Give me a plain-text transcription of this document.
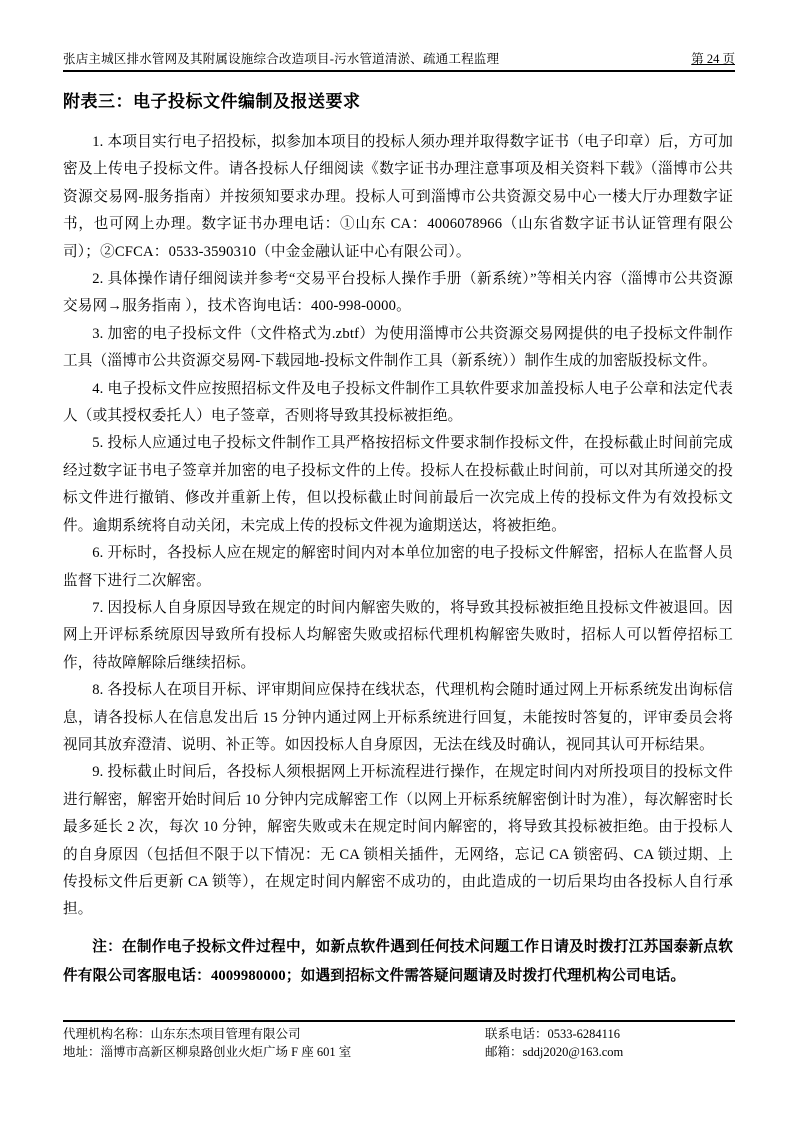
张店主城区排水管网及其附属设施综合改造项目-污水管道清淤、疏通工程监理	第 24 页
附表三：电子投标文件编制及报送要求

1. 本项目实行电子招投标，拟参加本项目的投标人须办理并取得数字证书（电子印章）后，方可加密及上传电子投标文件。请各投标人仔细阅读《数字证书办理注意事项及相关资料下载》（淄博市公共资源交易网-服务指南）并按须知要求办理。投标人可到淄博市公共资源交易中心一楼大厅办理数字证书，也可网上办理。数字证书办理电话：①山东 CA：4006078966（山东省数字证书认证管理有限公司）；②CFCA：0533-3590310（中金金融认证中心有限公司）。

2. 具体操作请仔细阅读并参考“交易平台投标人操作手册（新系统）”等相关内容（淄博市公共资源交易网→服务指南 ），技术咨询电话：400-998-0000。

3. 加密的电子投标文件（文件格式为.zbtf）为使用淄博市公共资源交易网提供的电子投标文件制作工具（淄博市公共资源交易网-下载园地-投标文件制作工具（新系统））制作生成的加密版投标文件。

4. 电子投标文件应按照招标文件及电子投标文件制作工具软件要求加盖投标人电子公章和法定代表人（或其授权委托人）电子签章，否则将导致其投标被拒绝。

5. 投标人应通过电子投标文件制作工具严格按招标文件要求制作投标文件，在投标截止时间前完成经过数字证书电子签章并加密的电子投标文件的上传。投标人在投标截止时间前，可以对其所递交的投标文件进行撤销、修改并重新上传，但以投标截止时间前最后一次完成上传的投标文件为有效投标文件。逾期系统将自动关闭，未完成上传的投标文件视为逾期送达，将被拒绝。

6. 开标时，各投标人应在规定的解密时间内对本单位加密的电子投标文件解密，招标人在监督人员监督下进行二次解密。

7. 因投标人自身原因导致在规定的时间内解密失败的，将导致其投标被拒绝且投标文件被退回。因网上开评标系统原因导致所有投标人均解密失败或招标代理机构解密失败时，招标人可以暂停招标工作，待故障解除后继续招标。

8. 各投标人在项目开标、评审期间应保持在线状态，代理机构会随时通过网上开标系统发出询标信息，请各投标人在信息发出后 15 分钟内通过网上开标系统进行回复，未能按时答复的，评审委员会将视同其放弃澄清、说明、补正等。如因投标人自身原因，无法在线及时确认，视同其认可开标结果。

9. 投标截止时间后，各投标人须根据网上开标流程进行操作，在规定时间内对所投项目的投标文件进行解密，解密开始时间后 10 分钟内完成解密工作（以网上开标系统解密倒计时为准），每次解密时长最多延长 2 次，每次 10 分钟，解密失败或未在规定时间内解密的，将导致其投标被拒绝。由于投标人的自身原因（包括但不限于以下情况：无 CA 锁相关插件，无网络，忘记 CA 锁密码、CA 锁过期、上传投标文件后更新 CA 锁等），在规定时间内解密不成功的，由此造成的一切后果均由各投标人自行承担。

注：在制作电子投标文件过程中，如新点软件遇到任何技术问题工作日请及时拨打江苏国泰新点软件有限公司客服电话：4009980000；如遇到招标文件需答疑问题请及时拨打代理机构公司电话。

代理机构名称：山东东杰项目管理有限公司
地址：淄博市高新区柳泉路创业火炬广场 F 座 601 室
联系电话：0533-6284116
邮箱：sddj2020@163.com
